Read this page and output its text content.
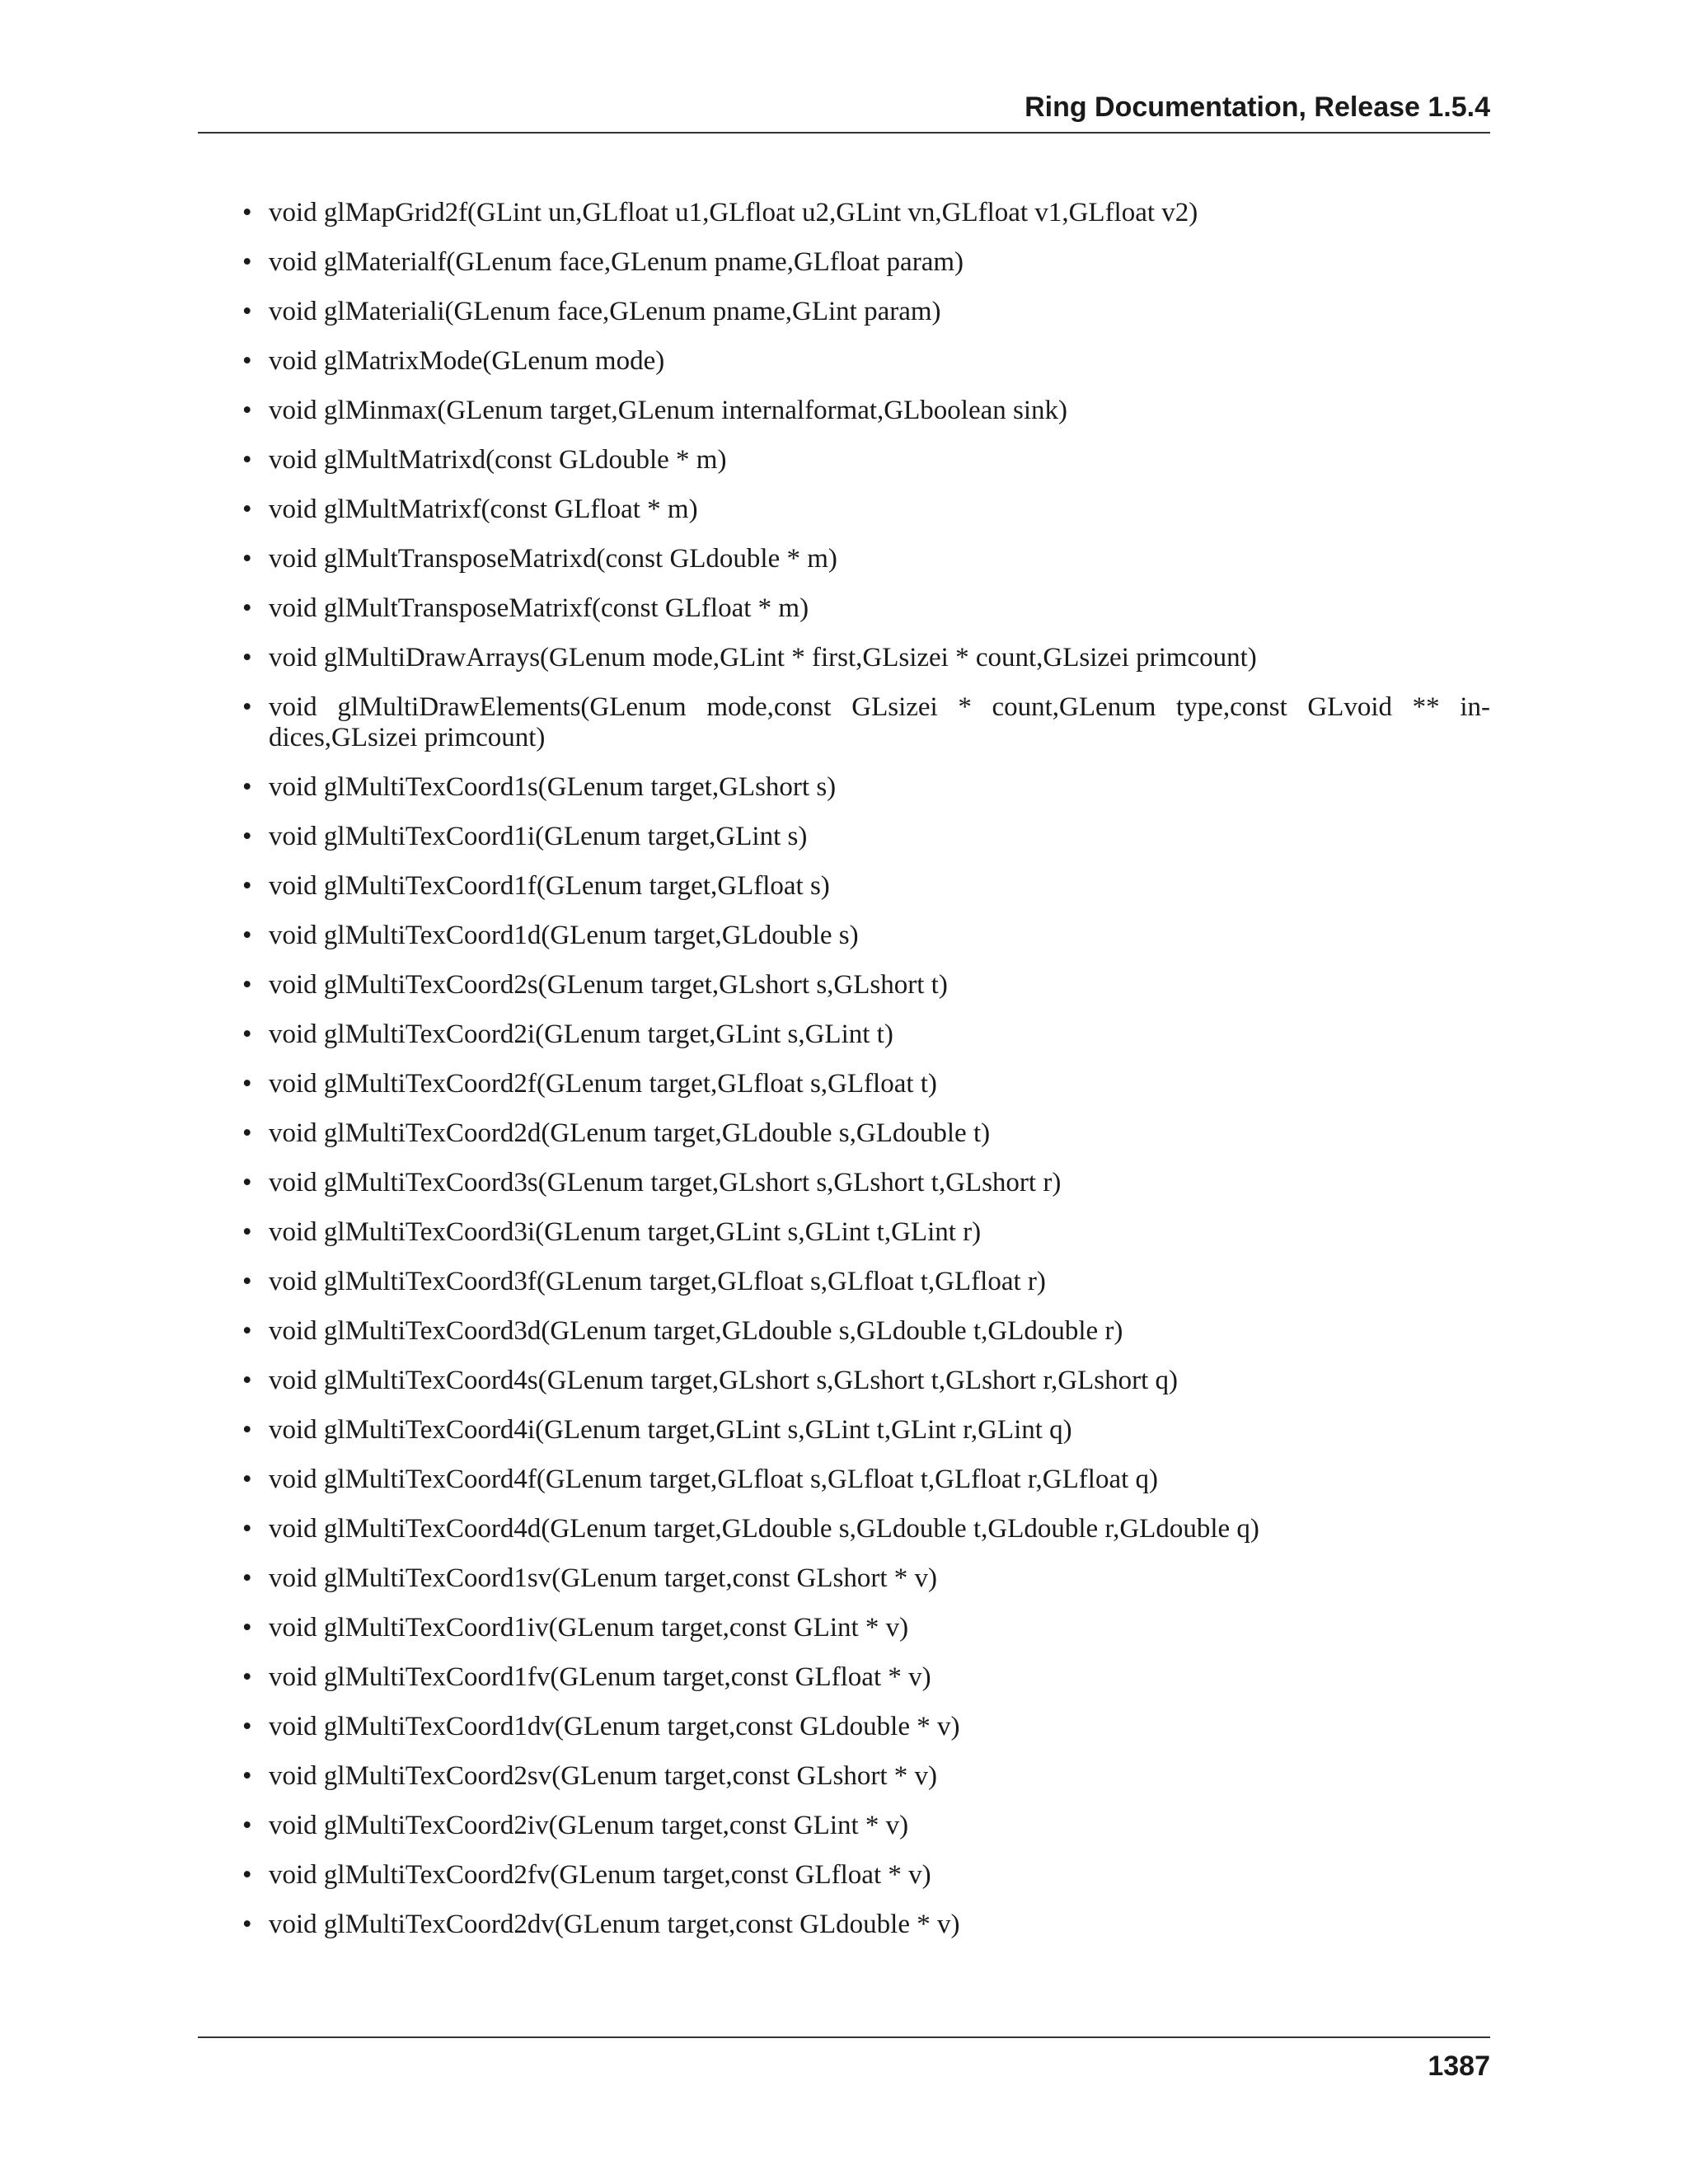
Ring Documentation, Release 1.5.4
• void glMapGrid2f(GLint un,GLfloat u1,GLfloat u2,GLint vn,GLfloat v1,GLfloat v2)
• void glMaterialf(GLenum face,GLenum pname,GLfloat param)
• void glMateriali(GLenum face,GLenum pname,GLint param)
• void glMatrixMode(GLenum mode)
• void glMinmax(GLenum target,GLenum internalformat,GLboolean sink)
• void glMultMatrixd(const GLdouble * m)
• void glMultMatrixf(const GLfloat * m)
• void glMultTransposeMatrixd(const GLdouble * m)
• void glMultTransposeMatrixf(const GLfloat * m)
• void glMultiDrawArrays(GLenum mode,GLint * first,GLsizei * count,GLsizei primcount)
• void glMultiDrawElements(GLenum mode,const GLsizei * count,GLenum type,const GLvoid ** indices,GLsizei primcount)
• void glMultiTexCoord1s(GLenum target,GLshort s)
• void glMultiTexCoord1i(GLenum target,GLint s)
• void glMultiTexCoord1f(GLenum target,GLfloat s)
• void glMultiTexCoord1d(GLenum target,GLdouble s)
• void glMultiTexCoord2s(GLenum target,GLshort s,GLshort t)
• void glMultiTexCoord2i(GLenum target,GLint s,GLint t)
• void glMultiTexCoord2f(GLenum target,GLfloat s,GLfloat t)
• void glMultiTexCoord2d(GLenum target,GLdouble s,GLdouble t)
• void glMultiTexCoord3s(GLenum target,GLshort s,GLshort t,GLshort r)
• void glMultiTexCoord3i(GLenum target,GLint s,GLint t,GLint r)
• void glMultiTexCoord3f(GLenum target,GLfloat s,GLfloat t,GLfloat r)
• void glMultiTexCoord3d(GLenum target,GLdouble s,GLdouble t,GLdouble r)
• void glMultiTexCoord4s(GLenum target,GLshort s,GLshort t,GLshort r,GLshort q)
• void glMultiTexCoord4i(GLenum target,GLint s,GLint t,GLint r,GLint q)
• void glMultiTexCoord4f(GLenum target,GLfloat s,GLfloat t,GLfloat r,GLfloat q)
• void glMultiTexCoord4d(GLenum target,GLdouble s,GLdouble t,GLdouble r,GLdouble q)
• void glMultiTexCoord1sv(GLenum target,const GLshort * v)
• void glMultiTexCoord1iv(GLenum target,const GLint * v)
• void glMultiTexCoord1fv(GLenum target,const GLfloat * v)
• void glMultiTexCoord1dv(GLenum target,const GLdouble * v)
• void glMultiTexCoord2sv(GLenum target,const GLshort * v)
• void glMultiTexCoord2iv(GLenum target,const GLint * v)
• void glMultiTexCoord2fv(GLenum target,const GLfloat * v)
• void glMultiTexCoord2dv(GLenum target,const GLdouble * v)
1387
